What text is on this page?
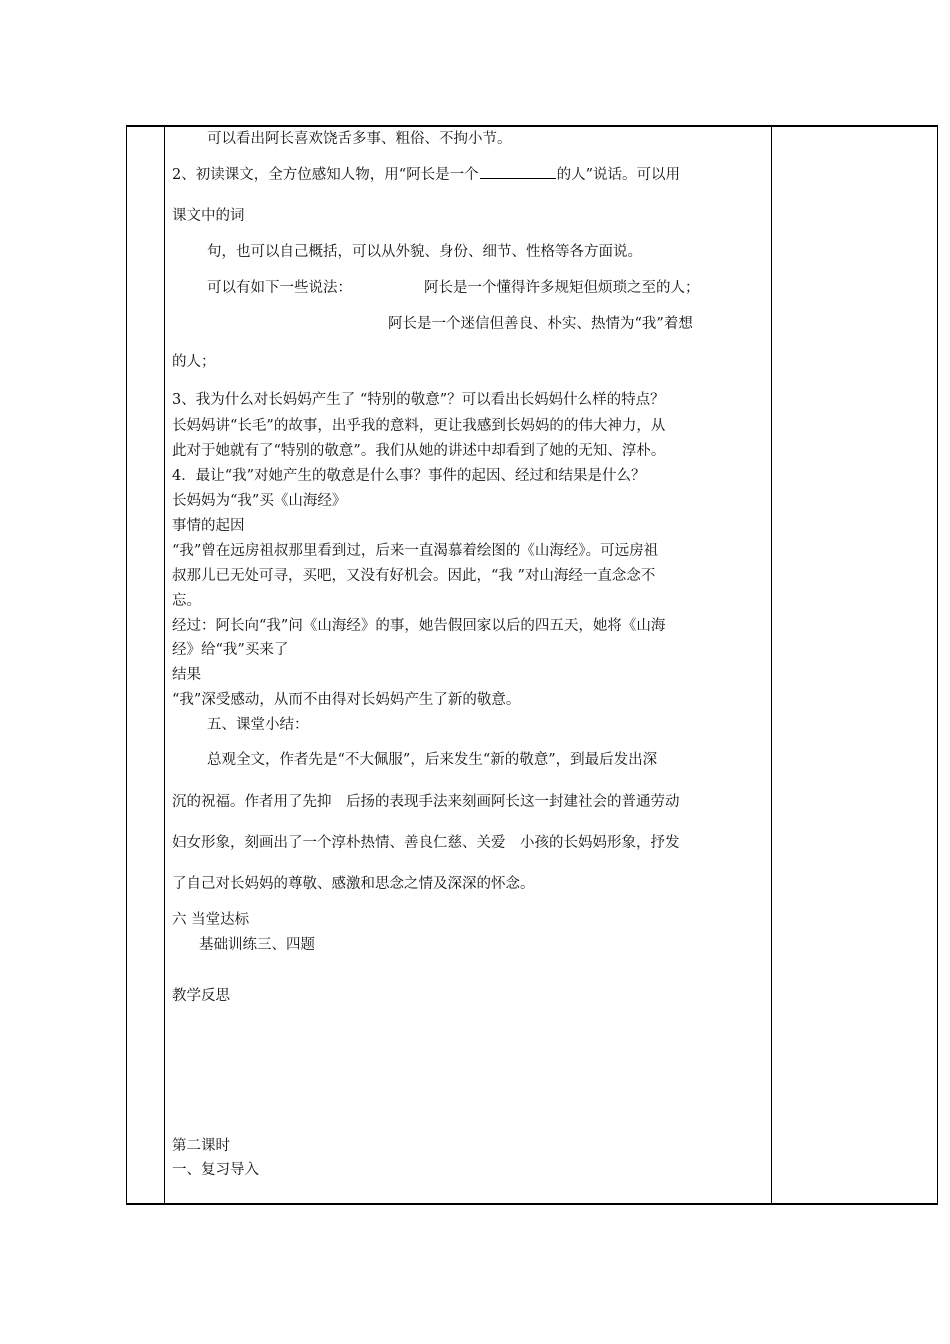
可以看出阿长喜欢饶舌多事、粗俗、不拘小节。

2、初读课文，全方位感知人物，用“阿长是一个	的人”说话。可以用

课文中的词

句，也可以自己概括，可以从外貌、身份、细节、性格等各方面说。

可以有如下一些说法：	阿长是一个懂得许多规矩但烦琐之至的人；

阿长是一个迷信但善良、朴实、热情为“我”着想

的人；

3、我为什么对长妈妈产生了 “特别的敬意”？可以看出长妈妈什么样的特点？

长妈妈讲“长毛”的故事，出乎我的意料，更让我感到长妈妈的的伟大神力，从

此对于她就有了“特别的敬意”。我们从她的讲述中却看到了她的无知、淳朴。

4．最让“我”对她产生的敬意是什么事？事件的起因、经过和结果是什么？

长妈妈为“我”买《山海经》

事情的起因

“我”曾在远房祖叔那里看到过，后来一直渴慕着绘图的《山海经》。可远房祖

叔那儿已无处可寻，买吧，又没有好机会。因此，“我 ”对山海经一直念念不

忘。

经过：阿长向“我”问《山海经》的事，她告假回家以后的四五天，她将《山海

经》给“我”买来了

结果

“我”深受感动，从而不由得对长妈妈产生了新的敬意。

五、课堂小结：

总观全文，作者先是“不大佩服”，后来发生“新的敬意”，到最后发出深

沉的祝福。作者用了先抑　后扬的表现手法来刻画阿长这一封建社会的普通劳动

妇女形象，刻画出了一个淳朴热情、善良仁慈、关爱　小孩的长妈妈形象，抒发

了自己对长妈妈的尊敬、感激和思念之情及深深的怀念。

六 当堂达标

基础训练三、四题

教学反思

第二课时

一、复习导入
